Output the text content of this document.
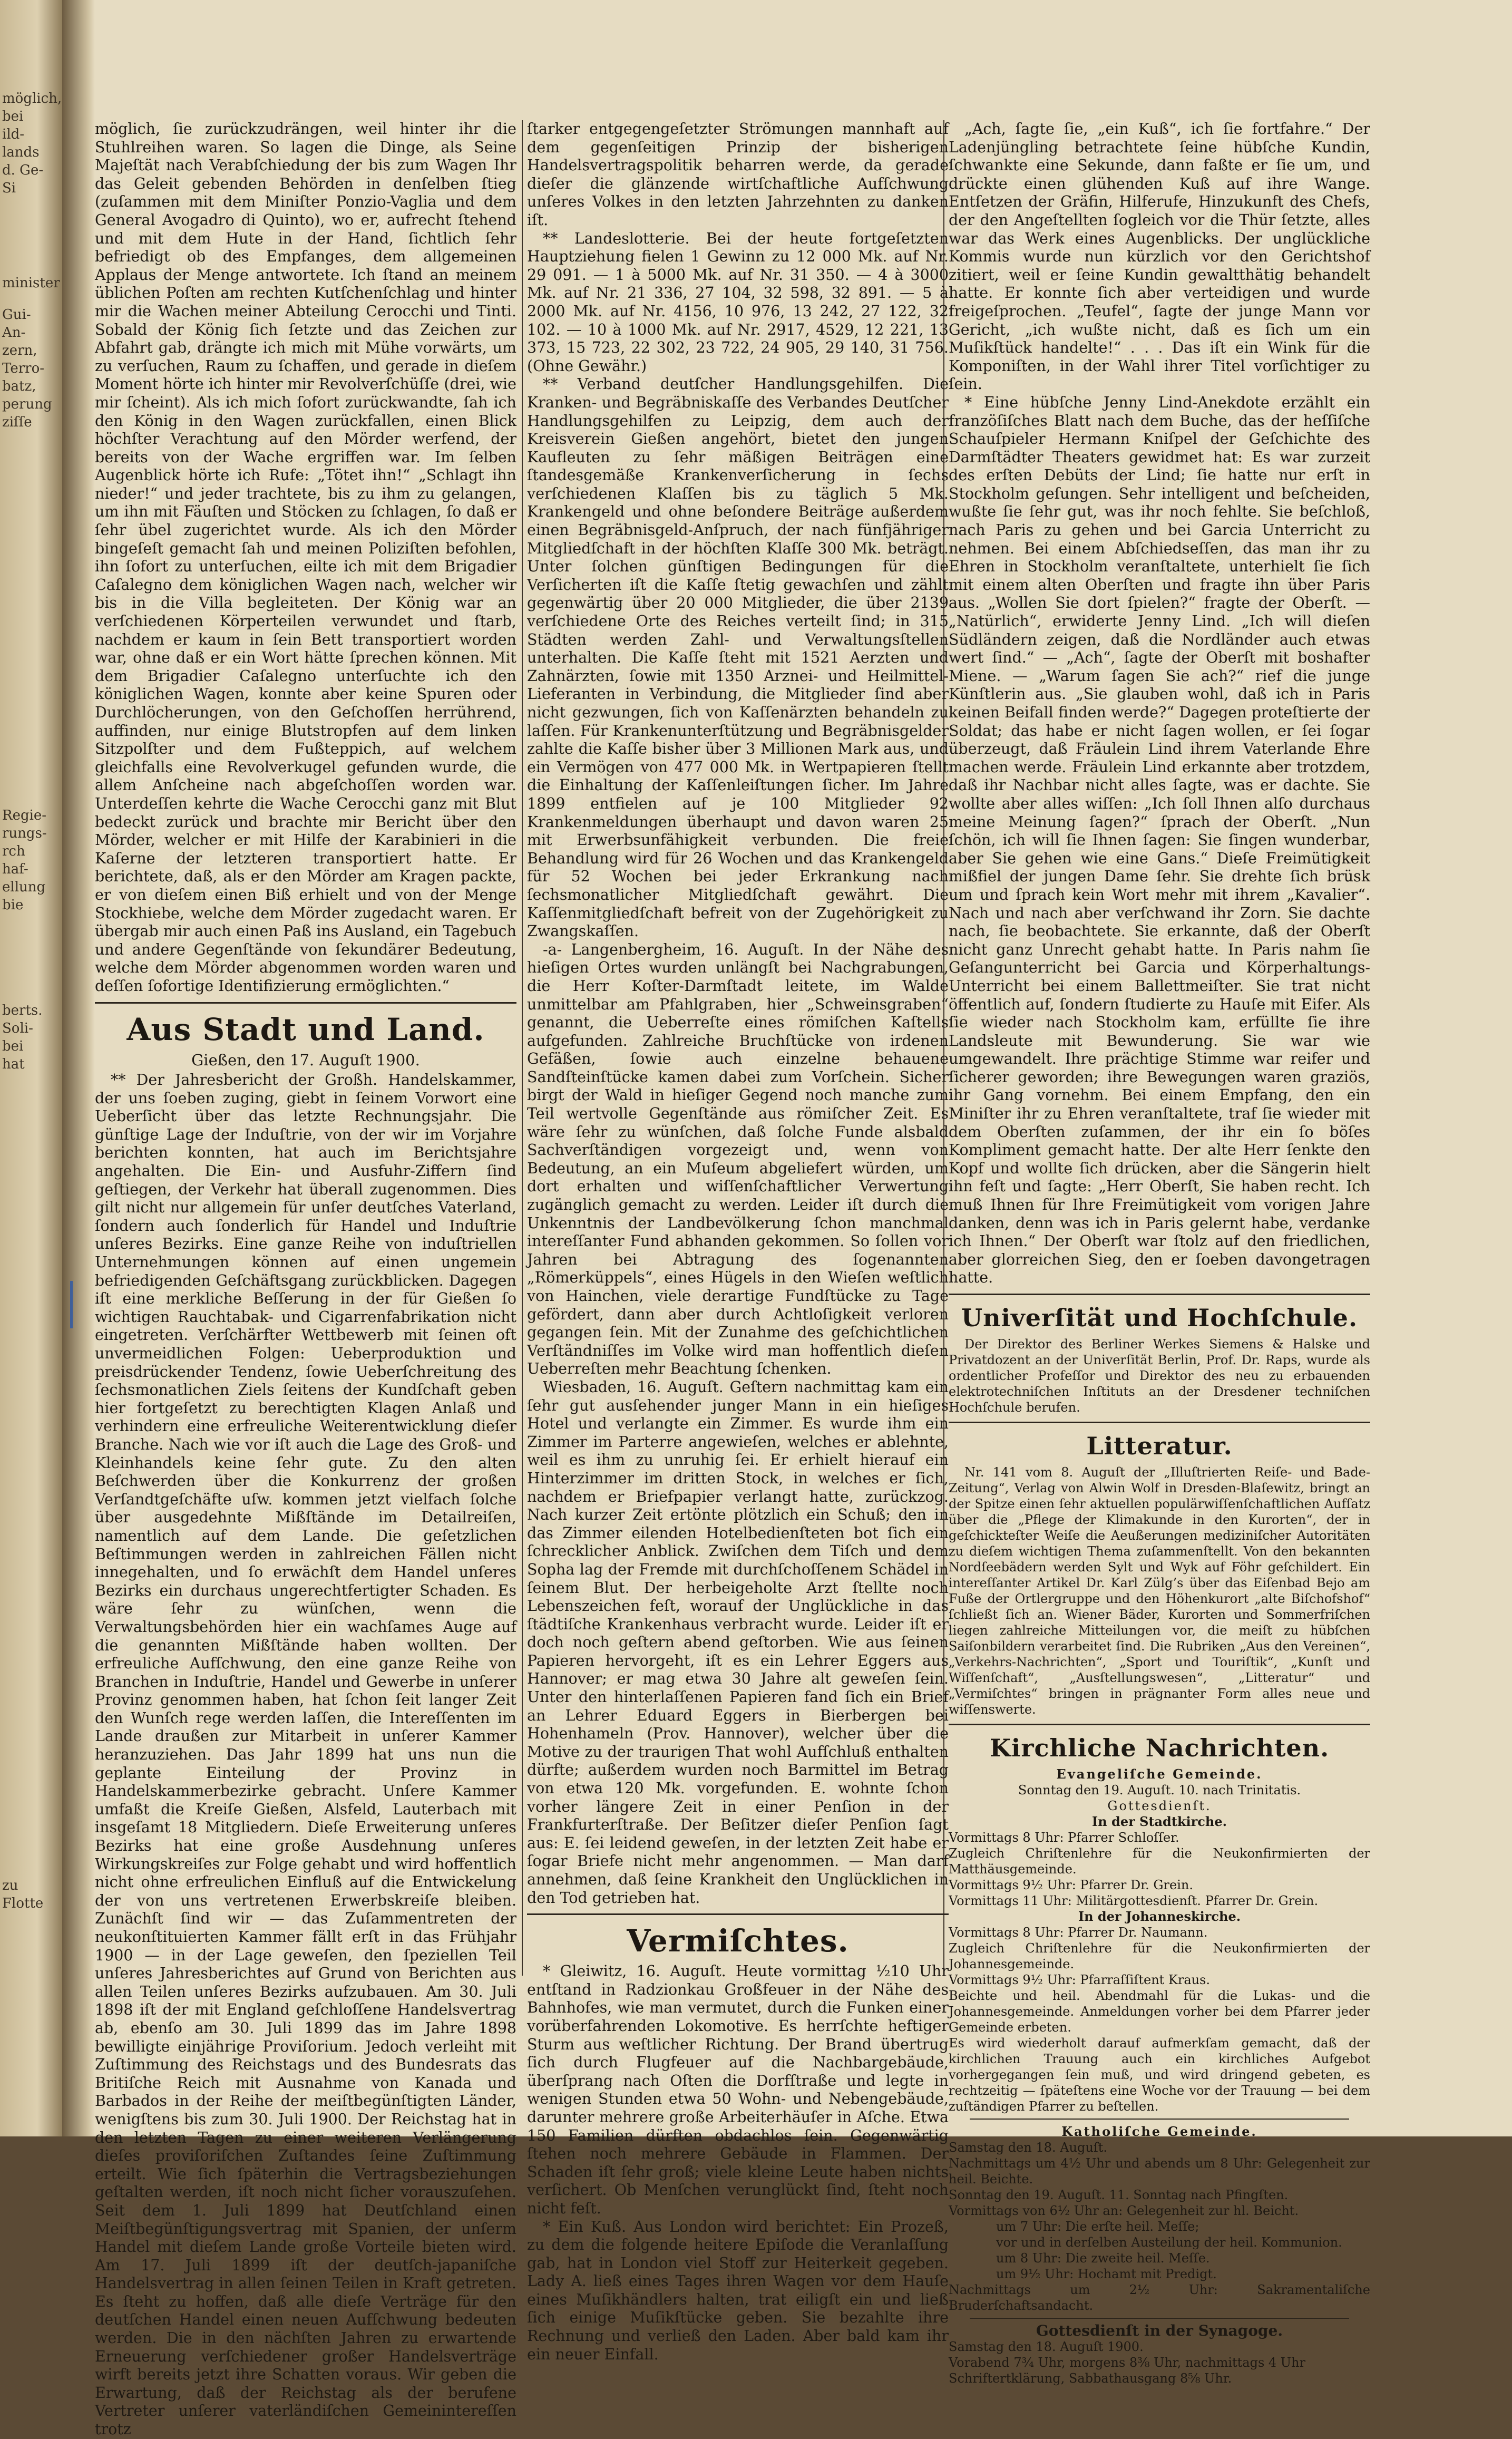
möglich,
bei
ild-
lands
d. Ge-
Si
minister
Gui-
An-
zern,
Terro-
batz,
perung
ziſſe
Regie-
rungs-
rch
haf-
ellung
bie
berts.
Soli-
bei
hat
zu
Flotte

möglich, ſie zurückzudrängen, weil hinter ihr die Stuhlreihen waren. So lagen die Dinge, als Seine Majeſtät nach Verabſchiedung der bis zum Wagen Ihr das Geleit gebenden Behörden in denſelben ſtieg (zuſammen mit dem Miniſter Ponzio-Vaglia und dem General Avogadro di Quinto), wo er, aufrecht ſtehend und mit dem Hute in der Hand, ſichtlich ſehr befriedigt ob des Empfanges, dem allgemeinen Applaus der Menge antwortete. Ich ſtand an meinem üblichen Poſten am rechten Kutſchenſchlag und hinter mir die Wachen meiner Abteilung Cerocchi und Tinti. Sobald der König ſich ſetzte und das Zeichen zur Abfahrt gab, drängte ich mich mit Mühe vorwärts, um zu verſuchen, Raum zu ſchaffen, und gerade in dieſem Moment hörte ich hinter mir Revolverſchüſſe (drei, wie mir ſcheint). Als ich mich ſofort zurückwandte, ſah ich den König in den Wagen zurückfallen, einen Blick höchſter Verachtung auf den Mörder werfend, der bereits von der Wache ergriffen war. Im ſelben Augenblick hörte ich Rufe: „Tötet ihn!“ „Schlagt ihn nieder!“ und jeder trachtete, bis zu ihm zu gelangen, um ihn mit Fäuſten und Stöcken zu ſchlagen, ſo daß er ſehr übel zugerichtet wurde. Als ich den Mörder bingeſeſt gemacht ſah und meinen Poliziſten befohlen, ihn ſofort zu unterſuchen, eilte ich mit dem Brigadier Caſalegno dem königlichen Wagen nach, welcher wir bis in die Villa begleiteten. Der König war an verſchiedenen Körperteilen verwundet und ſtarb, nachdem er kaum in ſein Bett transportiert worden war, ohne daß er ein Wort hätte ſprechen können. Mit dem Brigadier Caſalegno unterſuchte ich den königlichen Wagen, konnte aber keine Spuren oder Durchlöcherungen, von den Geſchoſſen herrührend, auffinden, nur einige Blutstropfen auf dem linken Sitzpolſter und dem Fußteppich, auf welchem gleichfalls eine Revolverkugel gefunden wurde, die allem Anſcheine nach abgeſchoſſen worden war. Unterdeſſen kehrte die Wache Cerocchi ganz mit Blut bedeckt zurück und brachte mir Bericht über den Mörder, welcher er mit Hilfe der Karabinieri in die Kaſerne der letzteren transportiert hatte. Er berichtete, daß, als er den Mörder am Kragen packte, er von dieſem einen Biß erhielt und von der Menge Stockhiebe, welche dem Mörder zugedacht waren. Er übergab mir auch einen Paß ins Ausland, ein Tagebuch und andere Gegenſtände von ſekundärer Bedeutung, welche dem Mörder abgenommen worden waren und deſſen ſofortige Identifizierung ermöglichten.“

Aus Stadt und Land.
Gießen, den 17. Auguſt 1900.

** Der Jahresbericht der Großh. Handelskammer, der uns ſoeben zuging, giebt in ſeinem Vorwort eine Ueberſicht über das letzte Rechnungsjahr. Die günſtige Lage der Induſtrie, von der wir im Vorjahre berichten konnten, hat auch im Berichtsjahre angehalten. Die Ein- und Ausfuhr-Ziffern ſind geſtiegen, der Verkehr hat überall zugenommen. Dies gilt nicht nur allgemein für unſer deutſches Vaterland, ſondern auch ſonderlich für Handel und Induſtrie unſeres Bezirks. Eine ganze Reihe von induſtriellen Unternehmungen können auf einen ungemein befriedigenden Geſchäftsgang zurückblicken. Dagegen iſt eine merkliche Beſſerung in der für Gießen ſo wichtigen Rauchtabak- und Cigarrenfabrikation nicht eingetreten. Verſchärfter Wettbewerb mit ſeinen oft unvermeidlichen Folgen: Ueberproduktion und preisdrückender Tendenz, ſowie Ueberſchreitung des ſechsmonatlichen Ziels ſeitens der Kundſchaft geben hier fortgeſetzt zu berechtigten Klagen Anlaß und verhindern eine erfreuliche Weiterentwicklung dieſer Branche. Nach wie vor iſt auch die Lage des Groß- und Kleinhandels keine ſehr gute. Zu den alten Beſchwerden über die Konkurrenz der großen Verſandtgeſchäfte uſw. kommen jetzt vielfach ſolche über ausgedehnte Mißſtände im Detailreiſen, namentlich auf dem Lande. Die geſetzlichen Beſtimmungen werden in zahlreichen Fällen nicht innegehalten, und ſo erwächſt dem Handel unſeres Bezirks ein durchaus ungerechtfertigter Schaden. Es wäre ſehr zu wünſchen, wenn die Verwaltungsbehörden hier ein wachſames Auge auf die genannten Mißſtände haben wollten. Der erfreuliche Aufſchwung, den eine ganze Reihe von Branchen in Induſtrie, Handel und Gewerbe in unſerer Provinz genommen haben, hat ſchon ſeit langer Zeit den Wunſch rege werden laſſen, die Intereſſenten im Lande draußen zur Mitarbeit in unſerer Kammer heranzuziehen. Das Jahr 1899 hat uns nun die geplante Einteilung der Provinz in Handelskammerbezirke gebracht. Unſere Kammer umfaßt die Kreiſe Gießen, Alsfeld, Lauterbach mit insgeſamt 18 Mitgliedern. Dieſe Erweiterung unſeres Bezirks hat eine große Ausdehnung unſeres Wirkungskreiſes zur Folge gehabt und wird hoffentlich nicht ohne erfreulichen Einfluß auf die Entwickelung der von uns vertretenen Erwerbskreiſe bleiben. Zunächſt ſind wir — das Zuſammentreten der neukonſtituierten Kammer fällt erſt in das Frühjahr 1900 — in der Lage geweſen, den ſpeziellen Teil unſeres Jahresberichtes auf Grund von Berichten aus allen Teilen unſeres Bezirks aufzubauen. Am 30. Juli 1898 iſt der mit England geſchloſſene Handelsvertrag ab, ebenſo am 30. Juli 1899 das im Jahre 1898 bewilligte einjährige Proviſorium. Jedoch verleiht mit Zuſtimmung des Reichstags und des Bundesrats das Britiſche Reich mit Ausnahme von Kanada und Barbados in der Reihe der meiſtbegünſtigten Länder, wenigſtens bis zum 30. Juli 1900. Der Reichstag hat in den letzten Tagen zu einer weiteren Verlängerung dieſes proviſoriſchen Zuſtandes ſeine Zuſtimmung erteilt. Wie ſich ſpäterhin die Vertragsbeziehungen geſtalten werden, iſt noch nicht ſicher vorauszuſehen. Seit dem 1. Juli 1899 hat Deutſchland einen Meiſtbegünſtigungsvertrag mit Spanien, der unſerm Handel mit dieſem Lande große Vorteile bieten wird. Am 17. Juli 1899 iſt der deutſch-japaniſche Handelsvertrag in allen ſeinen Teilen in Kraft getreten. Es ſteht zu hoffen, daß alle dieſe Verträge für den deutſchen Handel einen neuen Aufſchwung bedeuten werden. Die in den nächſten Jahren zu erwartende Erneuerung verſchiedener großer Handelsverträge wirft bereits jetzt ihre Schatten voraus. Wir geben die Erwartung, daß der Reichstag als der berufene Vertreter unſerer vaterländiſchen Gemeinintereſſen trotz

ſtarker entgegengeſetzter Strömungen mannhaft auf dem gegenſeitigen Prinzip der bisherigen Handelsvertragspolitik beharren werde, da gerade dieſer die glänzende wirtſchaftliche Aufſchwung unſeres Volkes in den letzten Jahrzehnten zu danken iſt.

** Landeslotterie. Bei der heute fortgeſetzten Hauptziehung fielen 1 Gewinn zu 12 000 Mk. auf Nr. 29 091. — 1 à 5000 Mk. auf Nr. 31 350. — 4 à 3000 Mk. auf Nr. 21 336, 27 104, 32 598, 32 891. — 5 à 2000 Mk. auf Nr. 4156, 10 976, 13 242, 27 122, 32 102. — 10 à 1000 Mk. auf Nr. 2917, 4529, 12 221, 13 373, 15 723, 22 302, 23 722, 24 905, 29 140, 31 756. (Ohne Gewähr.)

** Verband deutſcher Handlungsgehilfen. Die Kranken- und Begräbniskaſſe des Verbandes Deutſcher Handlungsgehilfen zu Leipzig, dem auch der Kreisverein Gießen angehört, bietet den jungen Kaufleuten zu ſehr mäßigen Beiträgen eine ſtandesgemäße Krankenverſicherung in ſechs verſchiedenen Klaſſen bis zu täglich 5 Mk. Krankengeld und ohne beſondere Beiträge außerdem einen Begräbnisgeld-Anſpruch, der nach fünfjähriger Mitgliedſchaft in der höchſten Klaſſe 300 Mk. beträgt. Unter ſolchen günſtigen Bedingungen für die Verſicherten iſt die Kaſſe ſtetig gewachſen und zählt gegenwärtig über 20 000 Mitglieder, die über 2139 verſchiedene Orte des Reiches verteilt ſind; in 315 Städten werden Zahl- und Verwaltungsſtellen unterhalten. Die Kaſſe ſteht mit 1521 Aerzten und Zahnärzten, ſowie mit 1350 Arznei- und Heilmittel-Lieferanten in Verbindung, die Mitglieder ſind aber nicht gezwungen, ſich von Kaſſenärzten behandeln zu laſſen. Für Krankenunterſtützung und Begräbnisgelder zahlte die Kaſſe bisher über 3 Millionen Mark aus, und ein Vermögen von 477 000 Mk. in Wertpapieren ſtellt die Einhaltung der Kaſſenleiſtungen ſicher. Im Jahre 1899 entfielen auf je 100 Mitglieder 92 Krankenmeldungen überhaupt und davon waren 25 mit Erwerbsunfähigkeit verbunden. Die freie Behandlung wird für 26 Wochen und das Krankengeld für 52 Wochen bei jeder Erkrankung nach ſechsmonatlicher Mitgliedſchaft gewährt. Die Kaſſenmitgliedſchaft befreit von der Zugehörigkeit zu Zwangskaſſen.

-a- Langenbergheim, 16. Auguſt. In der Nähe des hieſigen Ortes wurden unlängſt bei Nachgrabungen, die Herr Koſter-Darmſtadt leitete, im Walde unmittelbar am Pfahlgraben, hier „Schweinsgraben“ genannt, die Ueberreſte eines römiſchen Kaſtells aufgefunden. Zahlreiche Bruchſtücke von irdenen Gefäßen, ſowie auch einzelne behauene Sandſteinſtücke kamen dabei zum Vorſchein. Sicher birgt der Wald in hieſiger Gegend noch manche zum Teil wertvolle Gegenſtände aus römiſcher Zeit. Es wäre ſehr zu wünſchen, daß ſolche Funde alsbald Sachverſtändigen vorgezeigt und, wenn von Bedeutung, an ein Muſeum abgeliefert würden, um dort erhalten und wiſſenſchaftlicher Verwertung zugänglich gemacht zu werden. Leider iſt durch die Unkenntnis der Landbevölkerung ſchon manchmal intereſſanter Fund abhanden gekommen. So ſollen vor Jahren bei Abtragung des ſogenannten „Römerküppels“, eines Hügels in den Wieſen weſtlich von Hainchen, viele derartige Fundſtücke zu Tage gefördert, dann aber durch Achtloſigkeit verloren gegangen ſein. Mit der Zunahme des geſchichtlichen Verſtändniſſes im Volke wird man hoffentlich dieſen Ueberreſten mehr Beachtung ſchenken.

Wiesbaden, 16. Auguſt. Geſtern nachmittag kam ein ſehr gut ausſehender junger Mann in ein hieſiges Hotel und verlangte ein Zimmer. Es wurde ihm ein Zimmer im Parterre angewieſen, welches er ablehnte, weil es ihm zu unruhig ſei. Er erhielt hierauf ein Hinterzimmer im dritten Stock, in welches er ſich, nachdem er Briefpapier verlangt hatte, zurückzog. Nach kurzer Zeit ertönte plötzlich ein Schuß; den in das Zimmer eilenden Hotelbedienſteten bot ſich ein ſchrecklicher Anblick. Zwiſchen dem Tiſch und dem Sopha lag der Fremde mit durchſchoſſenem Schädel in ſeinem Blut. Der herbeigeholte Arzt ſtellte noch Lebenszeichen feſt, worauf der Unglückliche in das ſtädtiſche Krankenhaus verbracht wurde. Leider iſt er doch noch geſtern abend geſtorben. Wie aus ſeinen Papieren hervorgeht, iſt es ein Lehrer Eggers aus Hannover; er mag etwa 30 Jahre alt geweſen ſein. Unter den hinterlaſſenen Papieren fand ſich ein Brief an Lehrer Eduard Eggers in Bierbergen bei Hohenhameln (Prov. Hannover), welcher über die Motive zu der traurigen That wohl Aufſchluß enthalten dürfte; außerdem wurden noch Barmittel im Betrag von etwa 120 Mk. vorgefunden. E. wohnte ſchon vorher längere Zeit in einer Penſion in der Frankfurterſtraße. Der Beſitzer dieſer Penſion ſagt aus: E. ſei leidend geweſen, in der letzten Zeit habe er ſogar Briefe nicht mehr angenommen. — Man darf annehmen, daß ſeine Krankheit den Unglücklichen in den Tod getrieben hat.

Vermiſchtes.

* Gleiwitz, 16. Auguſt. Heute vormittag ½10 Uhr entſtand in Radzionkau Großfeuer in der Nähe des Bahnhofes, wie man vermutet, durch die Funken einer vorüberfahrenden Lokomotive. Es herrſchte heftiger Sturm aus weſtlicher Richtung. Der Brand übertrug ſich durch Flugfeuer auf die Nachbargebäude, überſprang nach Oſten die Dorfſtraße und legte in wenigen Stunden etwa 50 Wohn- und Nebengebäude, darunter mehrere große Arbeiterhäuſer in Aſche. Etwa 150 Familien dürften obdachlos ſein. Gegenwärtig ſtehen noch mehrere Gebäude in Flammen. Der Schaden iſt ſehr groß; viele kleine Leute haben nichts verſichert. Ob Menſchen verunglückt ſind, ſteht noch nicht feſt.

* Ein Kuß. Aus London wird berichtet: Ein Prozeß, zu dem die folgende heitere Epiſode die Veranlaſſung gab, hat in London viel Stoff zur Heiterkeit gegeben. Lady A. ließ eines Tages ihren Wagen vor dem Hauſe eines Muſikhändlers halten, trat eiligſt ein und ließ ſich einige Muſikſtücke geben. Sie bezahlte ihre Rechnung und verließ den Laden. Aber bald kam ihr ein neuer Einfall.

„Ach, ſagte ſie, „ein Kuß“, ich ſie fortfahre.“ Der Ladenjüngling betrachtete ſeine hübſche Kundin, ſchwankte eine Sekunde, dann faßte er ſie um, und drückte einen glühenden Kuß auf ihre Wange. Entſetzen der Gräfin, Hilferufe, Hinzukunft des Chefs, der den Angeſtellten ſogleich vor die Thür ſetzte, alles war das Werk eines Augenblicks. Der unglückliche Kommis wurde nun kürzlich vor den Gerichtshof zitiert, weil er ſeine Kundin gewaltthätig behandelt hatte. Er konnte ſich aber verteidigen und wurde freigeſprochen. „Teufel“, ſagte der junge Mann vor Gericht, „ich wußte nicht, daß es ſich um ein Muſikſtück handelte!“ . . . Das iſt ein Wink für die Komponiſten, in der Wahl ihrer Titel vorſichtiger zu ſein.

* Eine hübſche Jenny Lind-Anekdote erzählt ein franzöſiſches Blatt nach dem Buche, das der heſſiſche Schauſpieler Hermann Kniſpel der Geſchichte des Darmſtädter Theaters gewidmet hat: Es war zurzeit des erſten Debüts der Lind; ſie hatte nur erſt in Stockholm geſungen. Sehr intelligent und beſcheiden, wußte ſie ſehr gut, was ihr noch fehlte. Sie beſchloß, nach Paris zu gehen und bei Garcia Unterricht zu nehmen. Bei einem Abſchiedseſſen, das man ihr zu Ehren in Stockholm veranſtaltete, unterhielt ſie ſich mit einem alten Oberſten und fragte ihn über Paris aus. „Wollen Sie dort ſpielen?“ fragte der Oberſt. — „Natürlich“, erwiderte Jenny Lind. „Ich will dieſen Südländern zeigen, daß die Nordländer auch etwas wert ſind.“ — „Ach“, ſagte der Oberſt mit boshafter Miene. — „Warum ſagen Sie ach?“ rief die junge Künſtlerin aus. „Sie glauben wohl, daß ich in Paris keinen Beifall finden werde?“ Dagegen proteſtierte der Soldat; das habe er nicht ſagen wollen, er ſei ſogar überzeugt, daß Fräulein Lind ihrem Vaterlande Ehre machen werde. Fräulein Lind erkannte aber trotzdem, daß ihr Nachbar nicht alles ſagte, was er dachte. Sie wollte aber alles wiſſen: „Ich ſoll Ihnen alſo durchaus meine Meinung ſagen?“ ſprach der Oberſt. „Nun ſchön, ich will ſie Ihnen ſagen: Sie ſingen wunderbar, aber Sie gehen wie eine Gans.“ Dieſe Freimütigkeit mißfiel der jungen Dame ſehr. Sie drehte ſich brüsk um und ſprach kein Wort mehr mit ihrem „Kavalier“. Nach und nach aber verſchwand ihr Zorn. Sie dachte nach, ſie beobachtete. Sie erkannte, daß der Oberſt nicht ganz Unrecht gehabt hatte. In Paris nahm ſie Geſangunterricht bei Garcia und Körperhaltungs-Unterricht bei einem Ballettmeiſter. Sie trat nicht öffentlich auf, ſondern ſtudierte zu Hauſe mit Eifer. Als ſie wieder nach Stockholm kam, erfüllte ſie ihre Landsleute mit Bewunderung. Sie war wie umgewandelt. Ihre prächtige Stimme war reifer und ſicherer geworden; ihre Bewegungen waren graziös, ihr Gang vornehm. Bei einem Empfang, den ein Miniſter ihr zu Ehren veranſtaltete, traf ſie wieder mit dem Oberſten zuſammen, der ihr ein ſo böſes Kompliment gemacht hatte. Der alte Herr ſenkte den Kopf und wollte ſich drücken, aber die Sängerin hielt ihn feſt und ſagte: „Herr Oberſt, Sie haben recht. Ich muß Ihnen für Ihre Freimütigkeit vom vorigen Jahre danken, denn was ich in Paris gelernt habe, verdanke ich Ihnen.“ Der Oberſt war ſtolz auf den friedlichen, aber glorreichen Sieg, den er ſoeben davongetragen hatte.

Univerſität und Hochſchule.

Der Direktor des Berliner Werkes Siemens & Halske und Privatdozent an der Univerſität Berlin, Prof. Dr. Raps, wurde als ordentlicher Profeſſor und Direktor des neu zu erbauenden elektrotechniſchen Inſtituts an der Dresdener techniſchen Hochſchule berufen.

Litteratur.

Nr. 141 vom 8. Auguſt der „Illuſtrierten Reiſe- und Bade-Zeitung“, Verlag von Alwin Wolf in Dresden-Blaſewitz, bringt an der Spitze einen ſehr aktuellen populärwiſſenſchaftlichen Aufſatz über die „Pflege der Klimakunde in den Kurorten“, der in geſchickteſter Weiſe die Aeußerungen mediziniſcher Autoritäten zu dieſem wichtigen Thema zuſammenſtellt. Von den bekannten Nordſeebädern werden Sylt und Wyk auf Föhr geſchildert. Ein intereſſanter Artikel Dr. Karl Zülg’s über das Eiſenbad Bejo am Fuße der Ortlergruppe und den Höhenkurort „alte Biſchofshof“ ſchließt ſich an. Wiener Bäder, Kurorten und Sommerfriſchen liegen zahlreiche Mitteilungen vor, die meiſt zu hübſchen Saiſonbildern verarbeitet ſind. Die Rubriken „Aus den Vereinen“, „Verkehrs-Nachrichten“, „Sport und Touriſtik“, „Kunſt und Wiſſenſchaft“, „Ausſtellungswesen“, „Litteratur“ und „Vermiſchtes“ bringen in prägnanter Form alles neue und wiſſenswerte.

Kirchliche Nachrichten.
Evangeliſche Gemeinde.
Sonntag den 19. Auguſt. 10. nach Trinitatis.
Gottesdienſt.
In der Stadtkirche.
Vormittags 8 Uhr: Pfarrer Schloſſer.
Zugleich Chriſtenlehre für die Neukonfirmierten der Matthäusgemeinde.
Vormittags 9½ Uhr: Pfarrer Dr. Grein.
Vormittags 11 Uhr: Militärgottesdienſt. Pfarrer Dr. Grein.
In der Johanneskirche.
Vormittags 8 Uhr: Pfarrer Dr. Naumann.
Zugleich Chriſtenlehre für die Neukonfirmierten der Johannesgemeinde.
Vormittags 9½ Uhr: Pfarraſſiſtent Kraus.
Beichte und heil. Abendmahl für die Lukas- und die Johannesgemeinde. Anmeldungen vorher bei dem Pfarrer jeder Gemeinde erbeten.
Es wird wiederholt darauf aufmerkſam gemacht, daß der kirchlichen Trauung auch ein kirchliches Aufgebot vorhergegangen ſein muß, und wird dringend gebeten, es rechtzeitig — ſpäteſtens eine Woche vor der Trauung — bei dem zuſtändigen Pfarrer zu beſtellen.
Katholiſche Gemeinde.
Samstag den 18. Auguſt.
Nachmittags um 4½ Uhr und abends um 8 Uhr: Gelegenheit zur heil. Beichte.
Sonntag den 19. Auguſt. 11. Sonntag nach Pfingſten.
Vormittags von 6½ Uhr an: Gelegenheit zur hl. Beicht.
um 7 Uhr: Die erſte heil. Meſſe;
vor und in derſelben Austeilung der heil. Kommunion.
um 8 Uhr: Die zweite heil. Meſſe.
um 9½ Uhr: Hochamt mit Predigt.
Nachmittags um 2½ Uhr: Sakramentaliſche Bruderſchaftsandacht.
Gottesdienſt in der Synagoge.
Samstag den 18. Auguſt 1900.
Vorabend 7¾ Uhr, morgens 8⅜ Uhr, nachmittags 4 Uhr
Schriftertklärung, Sabbathausgang 8⅝ Uhr.
